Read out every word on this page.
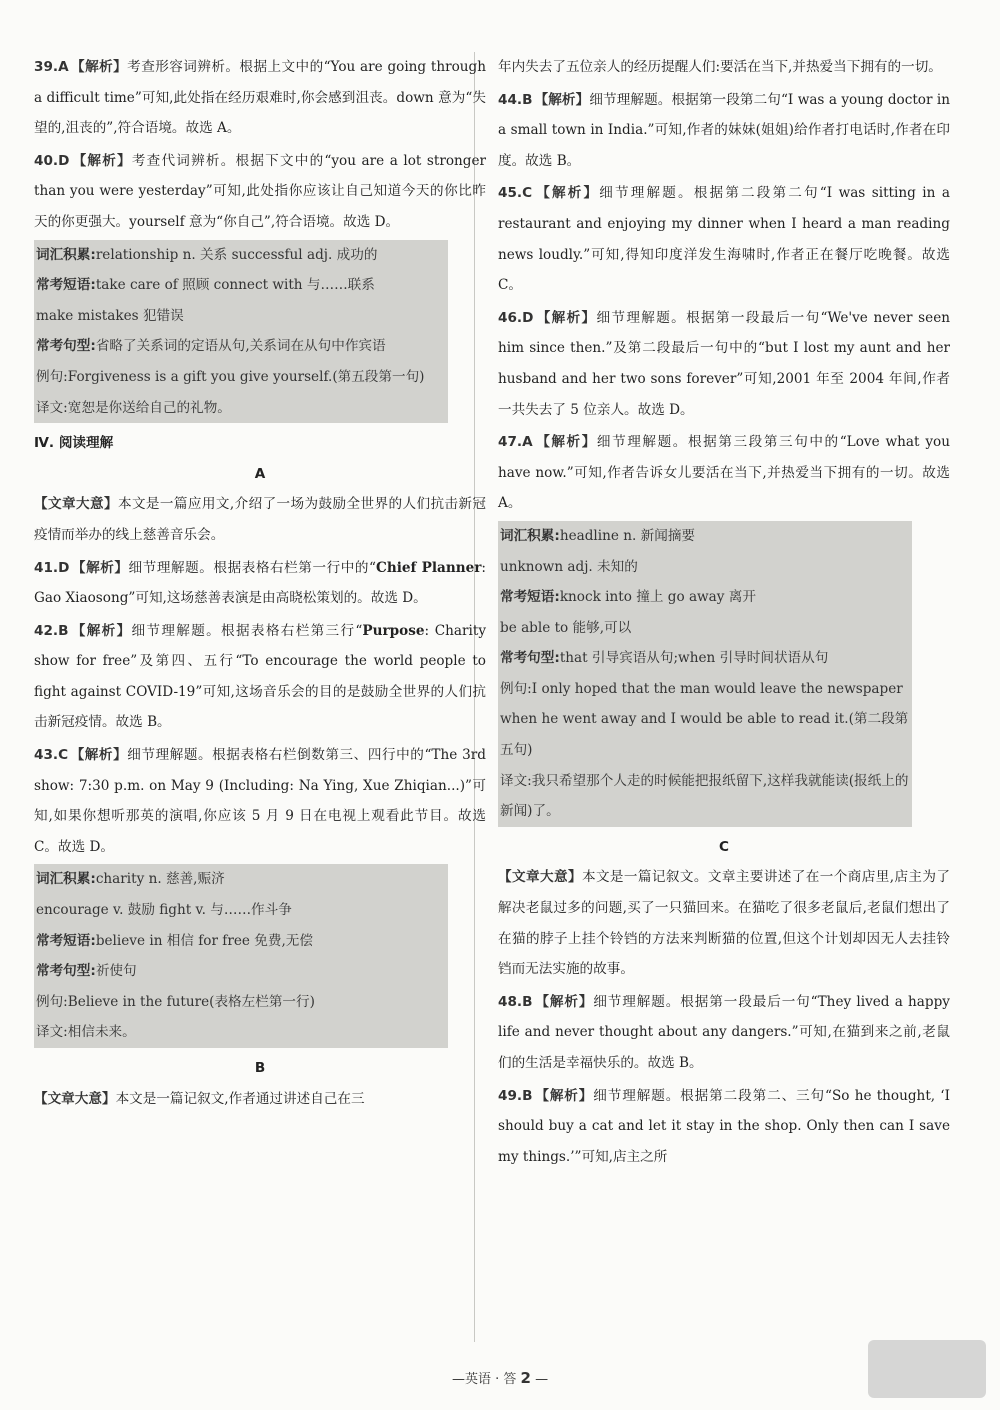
39.A 【解析】考查形容词辨析。根据上文中的“You are going through a difficult time”可知,此处指在经历艰难时,你会感到沮丧。down 意为“失望的,沮丧的”,符合语境。故选 A。

40.D 【解析】考查代词辨析。根据下文中的“you are a lot stronger than you were yesterday”可知,此处指你应该让自己知道今天的你比昨天的你更强大。yourself 意为“你自己”,符合语境。故选 D。

词汇积累:relationship n. 关系 successful adj. 成功的

常考短语:take care of 照顾 connect with 与……联系

make mistakes 犯错误

常考句型:省略了关系词的定语从句,关系词在从句中作宾语

例句:Forgiveness is a gift you give yourself.(第五段第一句)

译文:宽恕是你送给自己的礼物。

Ⅳ. 阅读理解

A

【文章大意】本文是一篇应用文,介绍了一场为鼓励全世界的人们抗击新冠疫情而举办的线上慈善音乐会。

41.D 【解析】细节理解题。根据表格右栏第一行中的“Chief Planner: Gao Xiaosong”可知,这场慈善表演是由高晓松策划的。故选 D。

42.B 【解析】细节理解题。根据表格右栏第三行“Purpose: Charity show for free”及第四、五行“To encourage the world people to fight against COVID-19”可知,这场音乐会的目的是鼓励全世界的人们抗击新冠疫情。故选 B。

43.C 【解析】细节理解题。根据表格右栏倒数第三、四行中的“The 3rd show: 7:30 p.m. on May 9 (Including: Na Ying, Xue Zhiqian...)”可知,如果你想听那英的演唱,你应该 5 月 9 日在电视上观看此节目。故选 C。故选 D。

词汇积累:charity n. 慈善,赈济

encourage v. 鼓励 fight v. 与……作斗争

常考短语:believe in 相信 for free 免费,无偿

常考句型:祈使句

例句:Believe in the future(表格左栏第一行)

译文:相信未来。

B

【文章大意】本文是一篇记叙文,作者通过讲述自己在三

年内失去了五位亲人的经历提醒人们:要活在当下,并热爱当下拥有的一切。

44.B 【解析】细节理解题。根据第一段第二句“I was a young doctor in a small town in India.”可知,作者的妹妹(姐姐)给作者打电话时,作者在印度。故选 B。

45.C 【解析】细节理解题。根据第二段第二句“I was sitting in a restaurant and enjoying my dinner when I heard a man reading news loudly.”可知,得知印度洋发生海啸时,作者正在餐厅吃晚餐。故选 C。

46.D 【解析】细节理解题。根据第一段最后一句“We've never seen him since then.”及第二段最后一句中的“but I lost my aunt and her husband and her two sons forever”可知,2001 年至 2004 年间,作者一共失去了 5 位亲人。故选 D。

47.A 【解析】细节理解题。根据第三段第三句中的“Love what you have now.”可知,作者告诉女儿要活在当下,并热爱当下拥有的一切。故选 A。

词汇积累:headline n. 新闻摘要

unknown adj. 未知的

常考短语:knock into 撞上 go away 离开

be able to 能够,可以

常考句型:that 引导宾语从句;when 引导时间状语从句

例句:I only hoped that the man would leave the newspaper when he went away and I would be able to read it.(第二段第五句)

译文:我只希望那个人走的时候能把报纸留下,这样我就能读(报纸上的新闻)了。

C

【文章大意】本文是一篇记叙文。文章主要讲述了在一个商店里,店主为了解决老鼠过多的问题,买了一只猫回来。在猫吃了很多老鼠后,老鼠们想出了在猫的脖子上挂个铃铛的方法来判断猫的位置,但这个计划却因无人去挂铃铛而无法实施的故事。

48.B 【解析】细节理解题。根据第一段最后一句“They lived a happy life and never thought about any dangers.”可知,在猫到来之前,老鼠们的生活是幸福快乐的。故选 B。

49.B 【解析】细节理解题。根据第二段第二、三句“So he thought, ‘I should buy a cat and let it stay in the shop. Only then can I save my things.’”可知,店主之所

—英语 · 答 2 —
